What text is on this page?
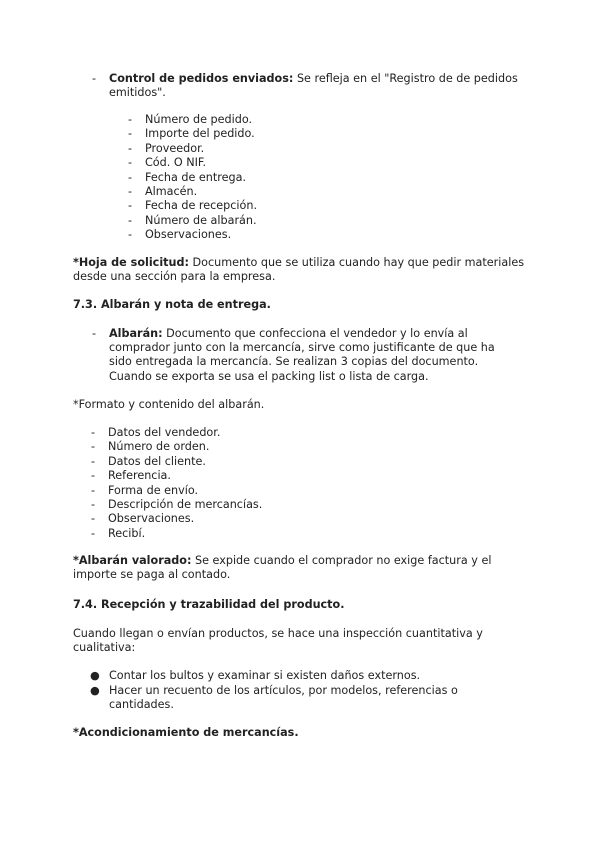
- Control de pedidos enviados: Se refleja en el "Registro de de pedidos
emitidos".
- Número de pedido.
- Importe del pedido.
- Proveedor.
- Cód. O NIF.
- Fecha de entrega.
- Almacén.
- Fecha de recepción.
- Número de albarán.
- Observaciones.
*Hoja de solicitud: Documento que se utiliza cuando hay que pedir materiales
desde una sección para la empresa.
7.3. Albarán y nota de entrega.
- Albarán: Documento que confecciona el vendedor y lo envía al
comprador junto con la mercancía, sirve como justificante de que ha
sido entregada la mercancía. Se realizan 3 copias del documento.
Cuando se exporta se usa el packing list o lista de carga.
*Formato y contenido del albarán.
- Datos del vendedor.
- Número de orden.
- Datos del cliente.
- Referencia.
- Forma de envío.
- Descripción de mercancías.
- Observaciones.
- Recibí.
*Albarán valorado: Se expide cuando el comprador no exige factura y el
importe se paga al contado.
7.4. Recepción y trazabilidad del producto.
Cuando llegan o envían productos, se hace una inspección cuantitativa y
cualitativa:
● Contar los bultos y examinar si existen daños externos.
● Hacer un recuento de los artículos, por modelos, referencias o
cantidades.
*Acondicionamiento de mercancías.
